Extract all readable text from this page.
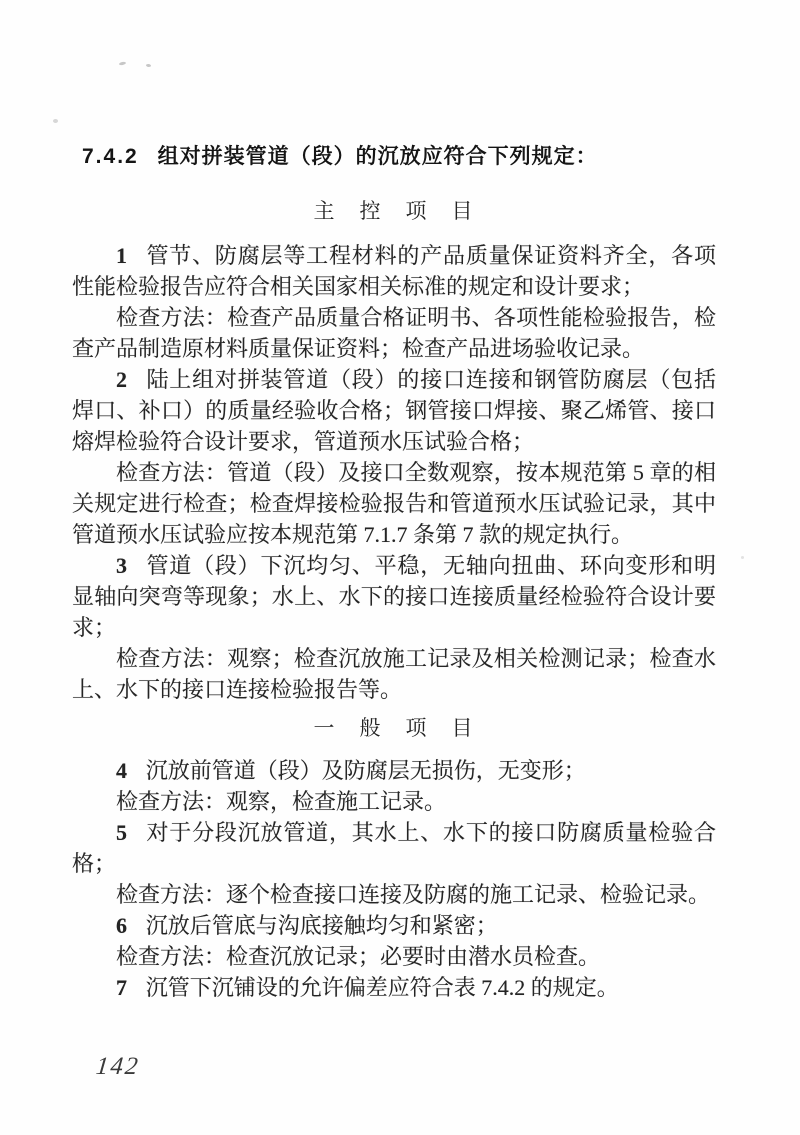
7.4.2 组对拼装管道（段）的沉放应符合下列规定：
主　控　项　目

1 管节、防腐层等工程材料的产品质量保证资料齐全，各项性能检验报告应符合相关国家相关标准的规定和设计要求；

检查方法：检查产品质量合格证明书、各项性能检验报告，检查产品制造原材料质量保证资料；检查产品进场验收记录。

2 陆上组对拼装管道（段）的接口连接和钢管防腐层（包括焊口、补口）的质量经验收合格；钢管接口焊接、聚乙烯管、接口熔焊检验符合设计要求，管道预水压试验合格；

检查方法：管道（段）及接口全数观察，按本规范第 5 章的相关规定进行检查；检查焊接检验报告和管道预水压试验记录，其中管道预水压试验应按本规范第 7.1.7 条第 7 款的规定执行。

3 管道（段）下沉均匀、平稳，无轴向扭曲、环向变形和明显轴向突弯等现象；水上、水下的接口连接质量经检验符合设计要求；

检查方法：观察；检查沉放施工记录及相关检测记录；检查水上、水下的接口连接检验报告等。

一　般　项　目

4 沉放前管道（段）及防腐层无损伤，无变形；

检查方法：观察，检查施工记录。

5 对于分段沉放管道，其水上、水下的接口防腐质量检验合格；

检查方法：逐个检查接口连接及防腐的施工记录、检验记录。

6 沉放后管底与沟底接触均匀和紧密；

检查方法：检查沉放记录；必要时由潜水员检查。

7 沉管下沉铺设的允许偏差应符合表 7.4.2 的规定。

142
